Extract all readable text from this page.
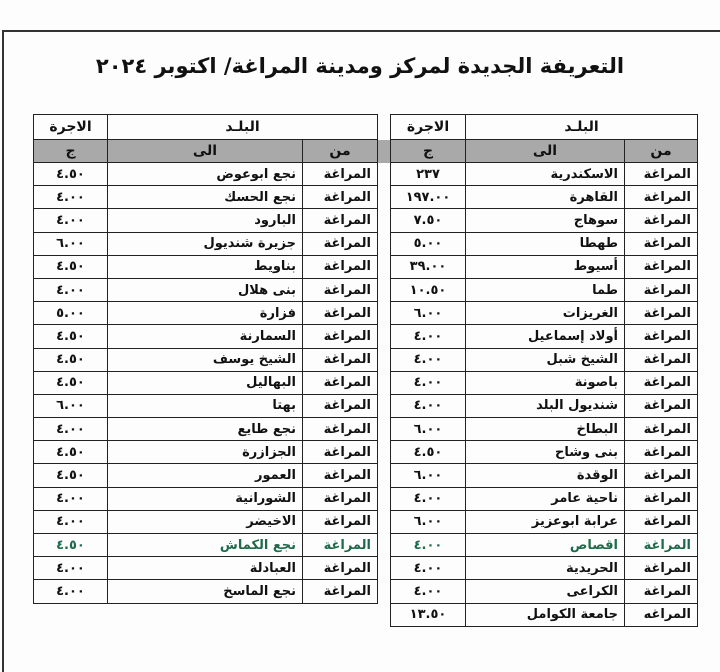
التعريفة الجديدة لمركز ومدينة المراغة/ اكتوبر ٢٠٢٤
الاجرة	البلـد			الاجرة	البلـد	
ج	الى	من		ج	الى	من
٤.٥٠	نجع ابوعوض	المراغة		٢٣٧	الاسكندرية	المراغة
٤.٠٠	نجع الحسك	المراغة		١٩٧.٠٠	القاهرة	المراغة
٤.٠٠	البارود	المراغة		٧.٥٠	سوهاج	المراغة
٦.٠٠	جزيرة شنديول	المراغة		٥.٠٠	طهطا	المراغة
٤.٥٠	بناويط	المراغة		٣٩.٠٠	أسيوط	المراغة
٤.٠٠	بنى هلال	المراغة		١٠.٥٠	طما	المراغة
٥.٠٠	فزارة	المراغة		٦.٠٠	الغريزات	المراغة
٤.٥٠	السمارنة	المراغة		٤.٠٠	أولاد إسماعيل	المراغة
٤.٥٠	الشيخ يوسف	المراغة		٤.٠٠	الشيخ شبل	المراغة
٤.٥٠	البهاليل	المراغة		٤.٠٠	باصونة	المراغة
٦.٠٠	بهتا	المراغة		٤.٠٠	شنديول البلد	المراغة
٤.٠٠	نجع طايع	المراغة		٦.٠٠	البطاخ	المراغة
٤.٥٠	الجزازرة	المراغة		٤.٥٠	بنى وشاح	المراغة
٤.٥٠	العمور	المراغة		٦.٠٠	الوقدة	المراغة
٤.٠٠	الشورانية	المراغة		٤.٠٠	ناحية عامر	المراغة
٤.٠٠	الاخيضر	المراغة		٦.٠٠	عرابة ابوعزيز	المراغة
٤.٥٠	نجع الكماش	المراغة		٤.٠٠	اقصاص	المراغة
٤.٠٠	العبادلة	المراغة		٤.٠٠	الحريدية	المراغة
٤.٠٠	نجع الماسخ	المراغة		٤.٠٠	الكراعى	المراغة
				١٣.٥٠	جامعة الكوامل	المراغه
